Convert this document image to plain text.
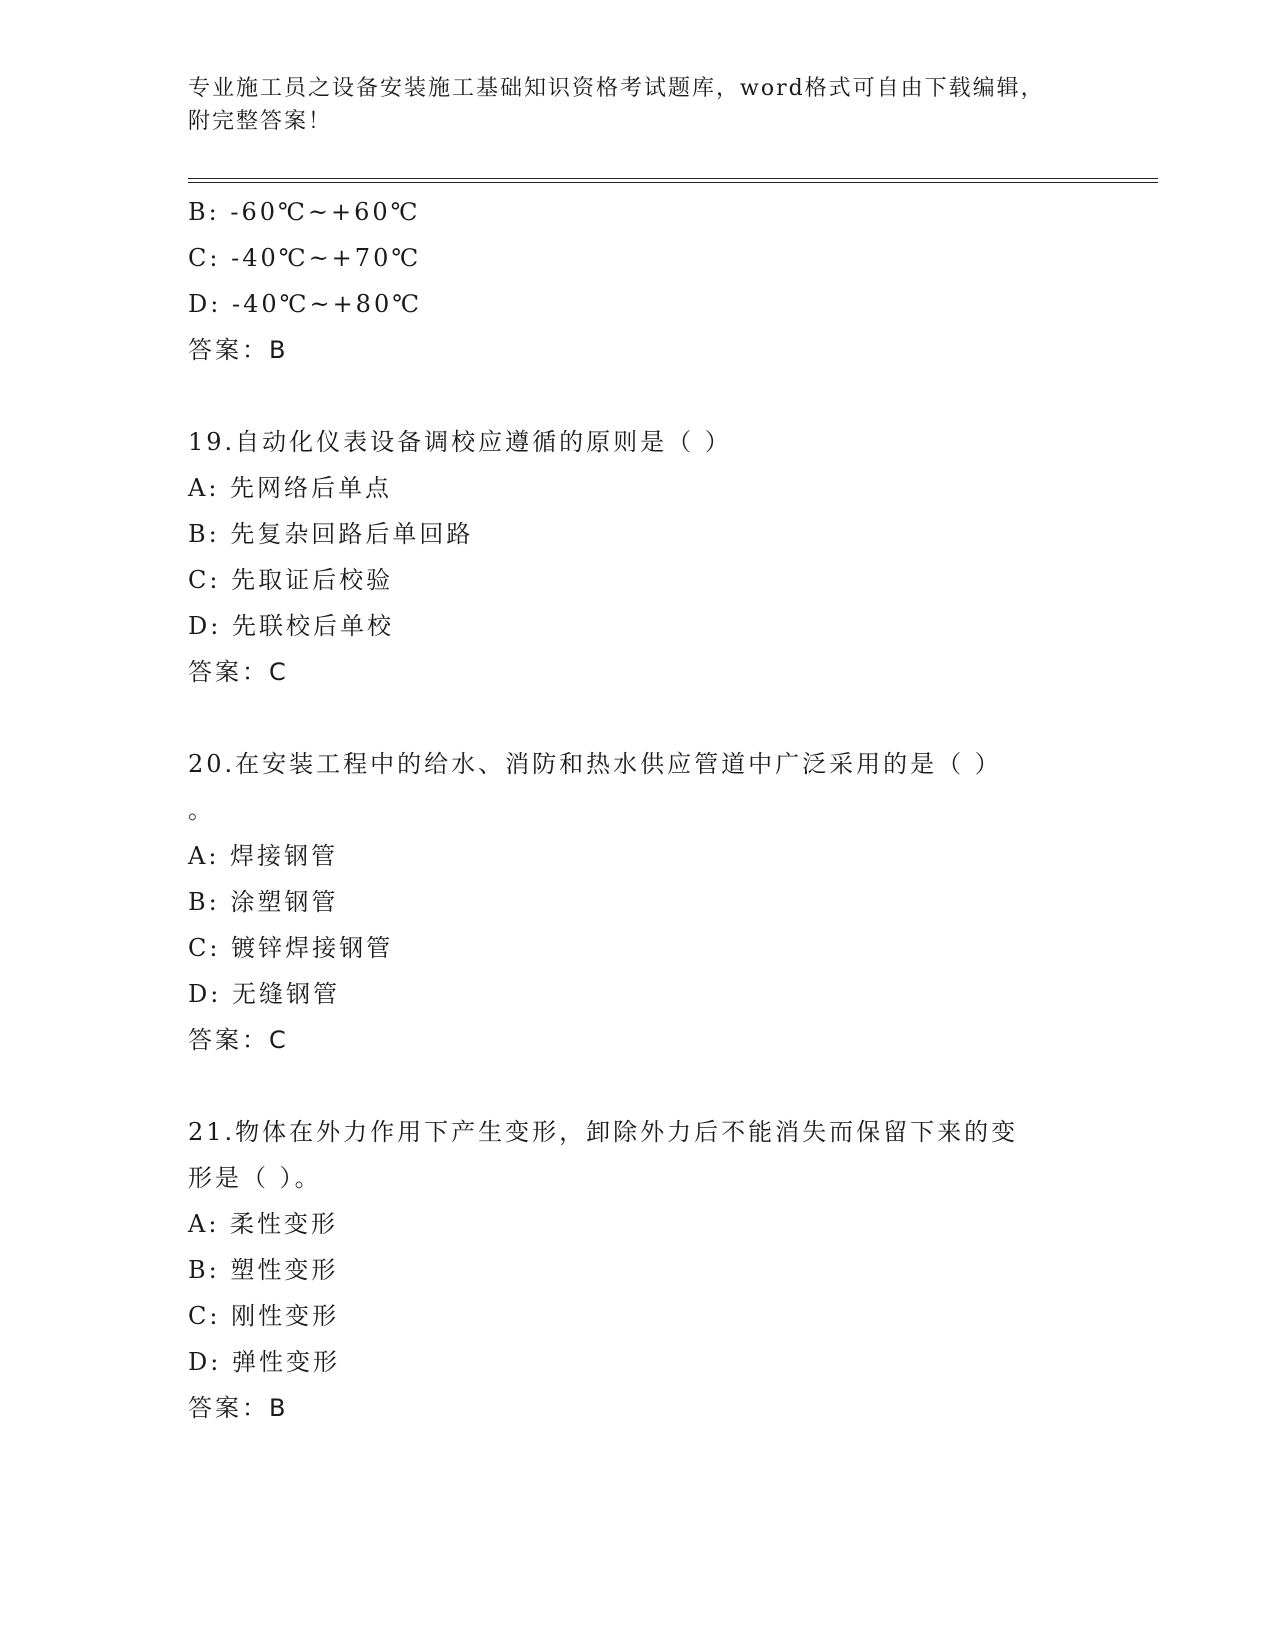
专业施工员之设备安装施工基础知识资格考试题库，word格式可自由下载编辑，
附完整答案！

B: -60℃~+60℃
C: -40℃~+70℃
D: -40℃~+80℃
答案：B
19.自动化仪表设备调校应遵循的原则是（ ）
A: 先网络后单点
B: 先复杂回路后单回路
C: 先取证后校验
D: 先联校后单校
答案：C
20.在安装工程中的给水、消防和热水供应管道中广泛采用的是（ ）
。
A: 焊接钢管
B: 涂塑钢管
C: 镀锌焊接钢管
D: 无缝钢管
答案：C
21.物体在外力作用下产生变形，卸除外力后不能消失而保留下来的变
形是（ ）。
A: 柔性变形
B: 塑性变形
C: 刚性变形
D: 弹性变形
答案：B
